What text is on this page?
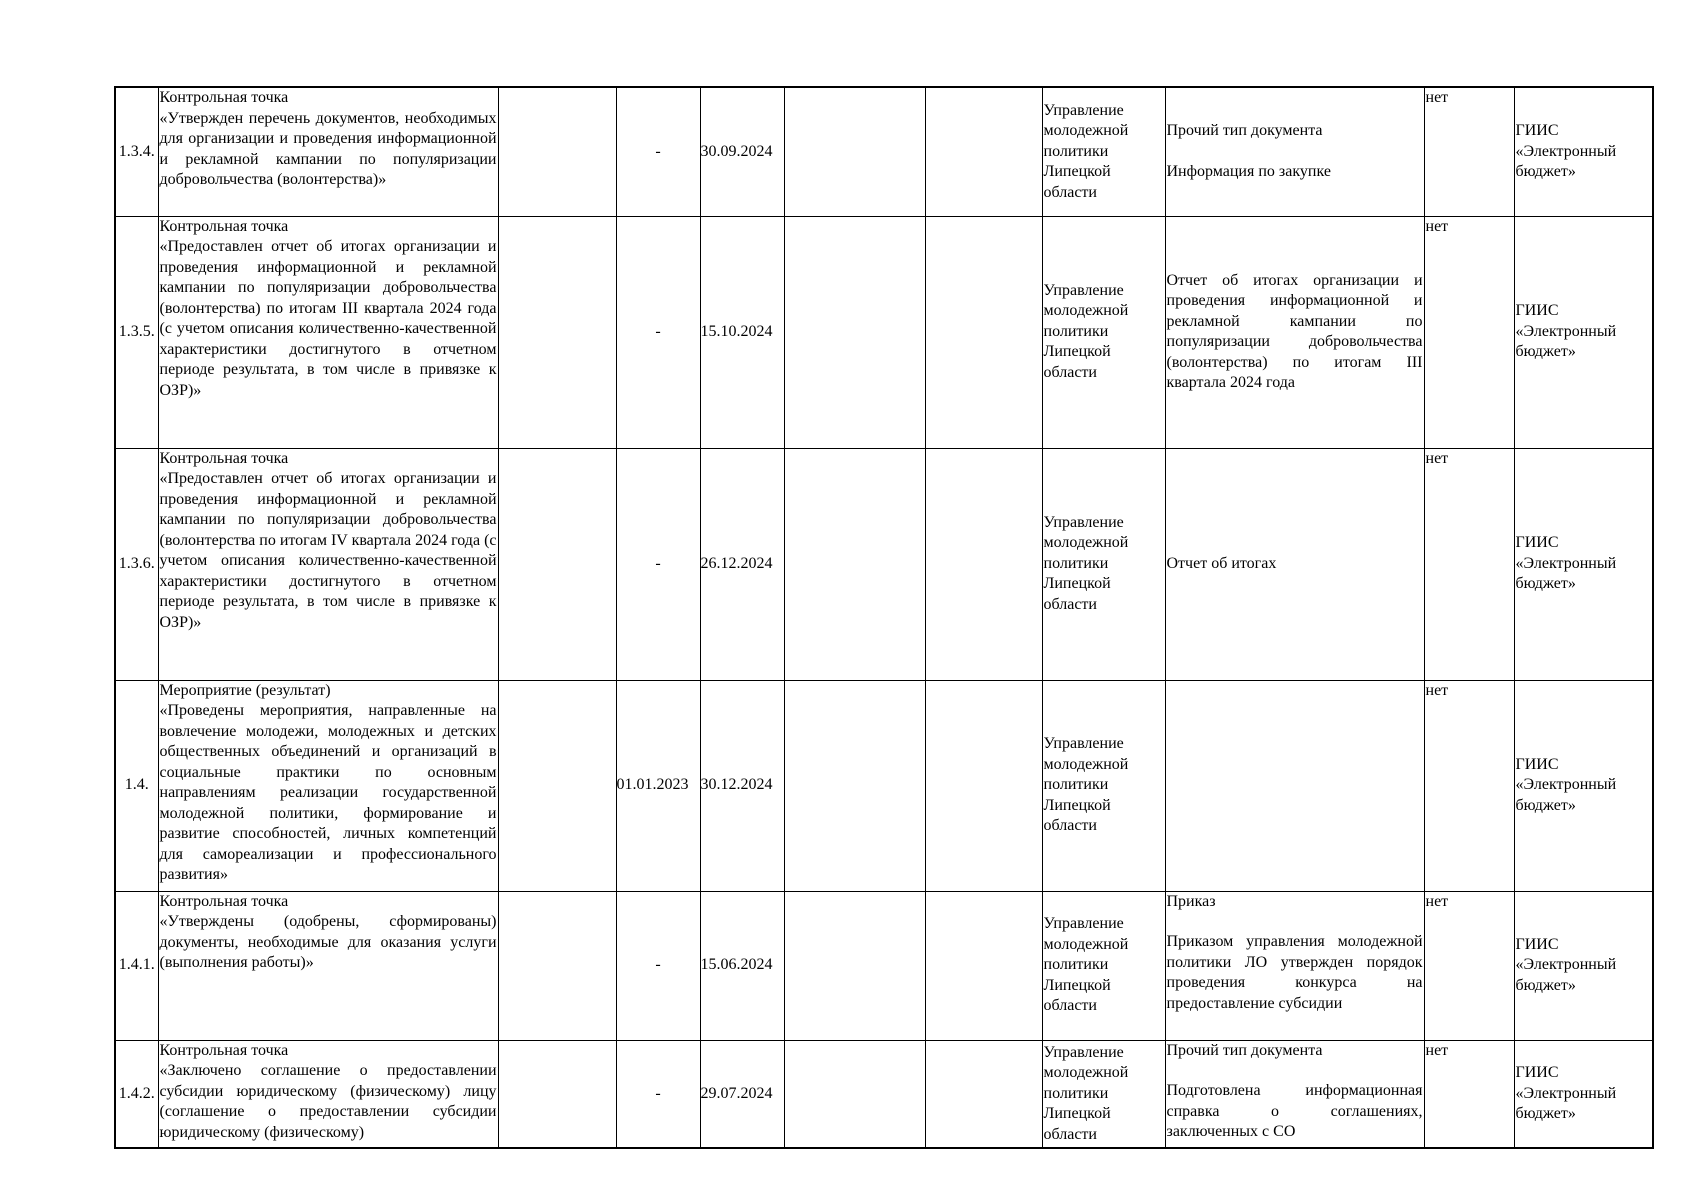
1.3.4.	Контрольная точка
«Утвержден перечень документов, необходимых для организации и проведения информационной и рекламной кампании по популяризации добровольчества (волонтерства)»		-	30.09.2024			Управление молодежной политики Липецкой области	Прочий тип документа
Информация по закупке	нет	ГИИС «Электронный бюджет»
1.3.5.	Контрольная точка
«Предоставлен отчет об итогах организации и проведения информационной и рекламной кампании по популяризации добровольчества (волонтерства) по итогам III квартала 2024 года (с учетом описания количественно-качественной характеристики достигнутого в отчетном периоде результата, в том числе в привязке к ОЗР)»		-	15.10.2024			Управление молодежной политики Липецкой области	Отчет об итогах организации и проведения информационной и рекламной кампании по популяризации добровольчества (волонтерства) по итогам III квартала 2024 года	нет	ГИИС «Электронный бюджет»
1.3.6.	Контрольная точка
«Предоставлен отчет об итогах организации и проведения информационной и рекламной кампании по популяризации добровольчества (волонтерства по итогам IV квартала 2024 года (с учетом описания количественно-качественной характеристики достигнутого в отчетном периоде результата, в том числе в привязке к ОЗР)»		-	26.12.2024			Управление молодежной политики Липецкой области	Отчет об итогах	нет	ГИИС «Электронный бюджет»
1.4.	Мероприятие (результат)
«Проведены мероприятия, направленные на вовлечение молодежи, молодежных и детских общественных объединений и организаций в социальные практики по основным направлениям реализации государственной молодежной политики, формирование и развитие способностей, личных компетенций для самореализации и профессионального развития»		01.01.2023	30.12.2024			Управление молодежной политики Липецкой области		нет	ГИИС «Электронный бюджет»
1.4.1.	Контрольная точка
«Утверждены (одобрены, сформированы) документы, необходимые для оказания услуги (выполнения работы)»		-	15.06.2024			Управление молодежной политики Липецкой области	Приказ
Приказом управления молодежной политики ЛО утвержден порядок проведения конкурса на предоставление субсидии	нет	ГИИС «Электронный бюджет»
1.4.2.	Контрольная точка
«Заключено соглашение о предоставлении субсидии юридическому (физическому) лицу (соглашение о предоставлении субсидии юридическому (физическому)		-	29.07.2024			Управление молодежной политики Липецкой области	Прочий тип документа
Подготовлена информационная справка о соглашениях, заключенных с СО	нет	ГИИС «Электронный бюджет»
